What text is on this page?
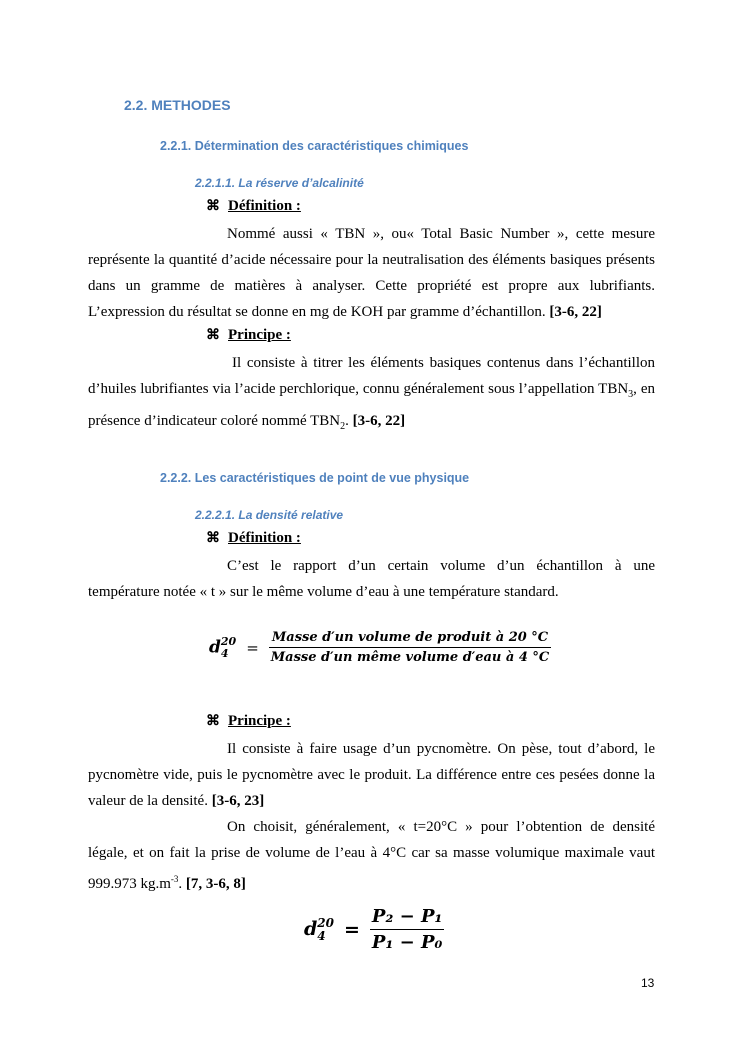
2.2. METHODES
2.2.1. Détermination des caractéristiques chimiques
2.2.1.1. La réserve d’alcalinité
⌘ Définition :
Nommé aussi « TBN », ou« Total Basic Number », cette mesure représente la quantité d’acide nécessaire pour la neutralisation des éléments basiques présents dans un gramme de matières à analyser. Cette propriété est propre aux lubrifiants. L’expression du résultat se donne en mg de KOH par gramme d’échantillon. [3-6, 22]
⌘ Principe :
Il consiste à titrer les éléments basiques contenus dans l’échantillon d’huiles lubrifiantes via l’acide perchlorique, connu généralement sous l’appellation $TBN_3$, en présence d’indicateur coloré nommé $TBN_2$. [3-6, 22]
2.2.2. Les caractéristiques de point de vue physique
2.2.2.1. La densité relative
⌘ Définition :
C’est le rapport d’un certain volume d’un échantillon à une température notée « t » sur le même volume d’eau à une température standard.
d 20
4	= $\frac{\text{Masse d′un volume de produit à 20 °C}}{\text{Masse d′un même volume d′eau à 4 °C}}$
⌘ Principe :
Il consiste à faire usage d’un pycnomètre. On pèse, tout d’abord, le pycnomètre vide, puis le pycnomètre avec le produit. La différence entre ces pesées donne la valeur de la densité. [3-6, 23]
On choisit, généralement, « t=20°C » pour l’obtention de densité légale, et on fait la prise de volume de l’eau à 4°C car sa masse volumique maximale vaut 999.973 $kg.m^{-3}$. [7, 3-6, 8]
d 20
$4 = \frac{\text{P₂ − P₁}}{\text{P₁ − P₀}}$
13
